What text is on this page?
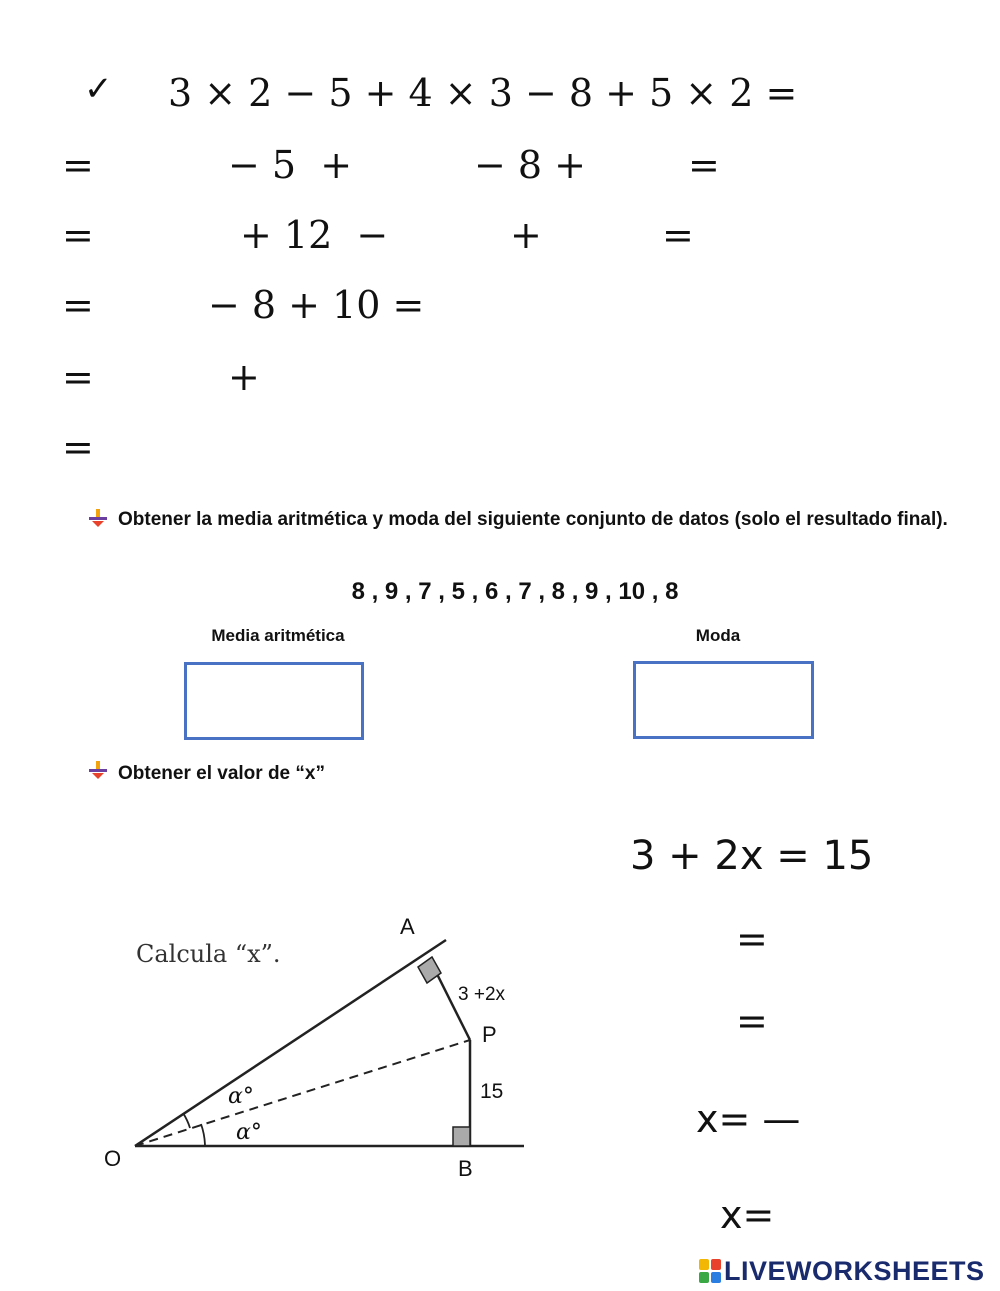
✓ 3 × 2 − 5 + 4 × 3 − 8 + 5 × 2 =
=	− 5  +	− 8 +	=
=	+ 12  −	+	=
=	− 8 + 10 =
=	+
=
Obtener la media aritmética y moda del siguiente conjunto de datos (solo el resultado final).
8 , 9 , 7 , 5 , 6 , 7 , 8 , 9 , 10 , 8
Media aritmética	Moda
Obtener el valor de “x”
Calcula “x”.
A
P
O	B
3 +2x
15
α°
α°
3 + 2x = 15
=
=
x= —
x=
LIVEWORKSHEETS
